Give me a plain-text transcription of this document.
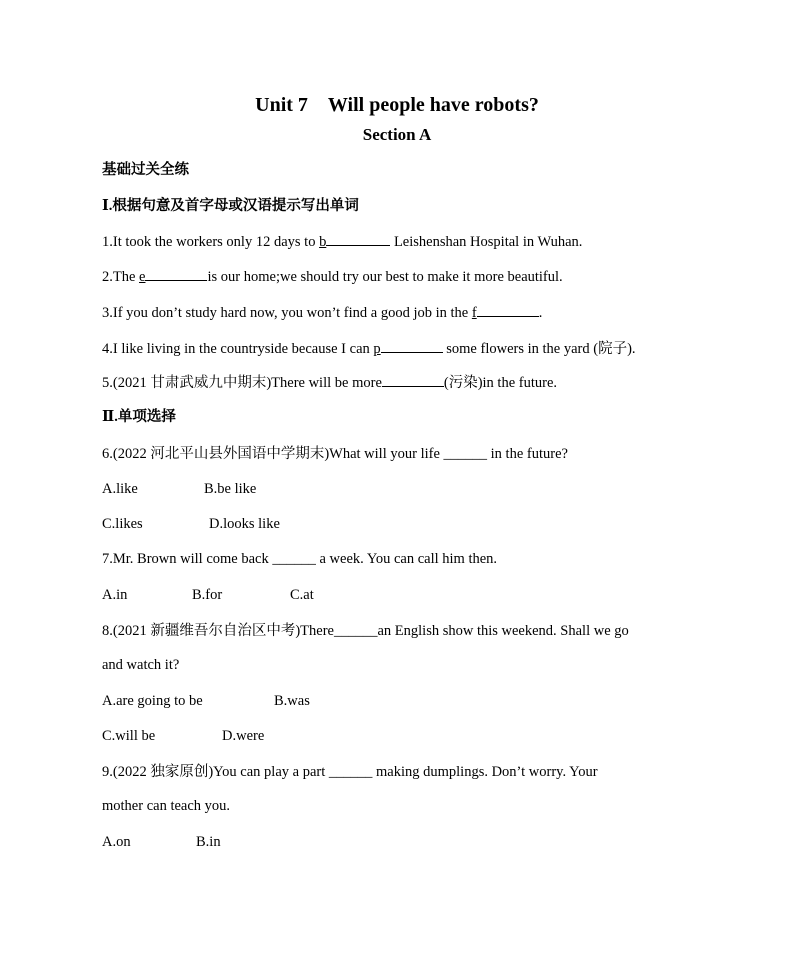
Unit 7　Will people have robots?
Section A
基础过关全练
Ⅰ.根据句意及首字母或汉语提示写出单词
1.It took the workers only 12 days to b	Leishenshan Hospital in Wuhan.
2.The e	is our home;we should try our best to make it more beautiful.
3.If you don’t study hard now, you won’t find a good job in the f	.
4.I like living in the countryside because I can p	some flowers in the yard (院子).
5.(2021 甘肃武威九中期末)There will be more	(污染)in the future.
Ⅱ.单项选择
6.(2022 河北平山县外国语中学期末)What will your life ______ in the future?
A.like	B.be like
C.likes	D.looks like
7.Mr. Brown will come back ______ a week. You can call him then.
A.in	B.for	C.at
8.(2021 新疆维吾尔自治区中考)There______an English show this weekend. Shall we go
and watch it?
A.are going to be	B.was
C.will be	D.were
9.(2022 独家原创)You can play a part ______ making dumplings. Don’t worry. Your
mother can teach you.
A.on	B.in
